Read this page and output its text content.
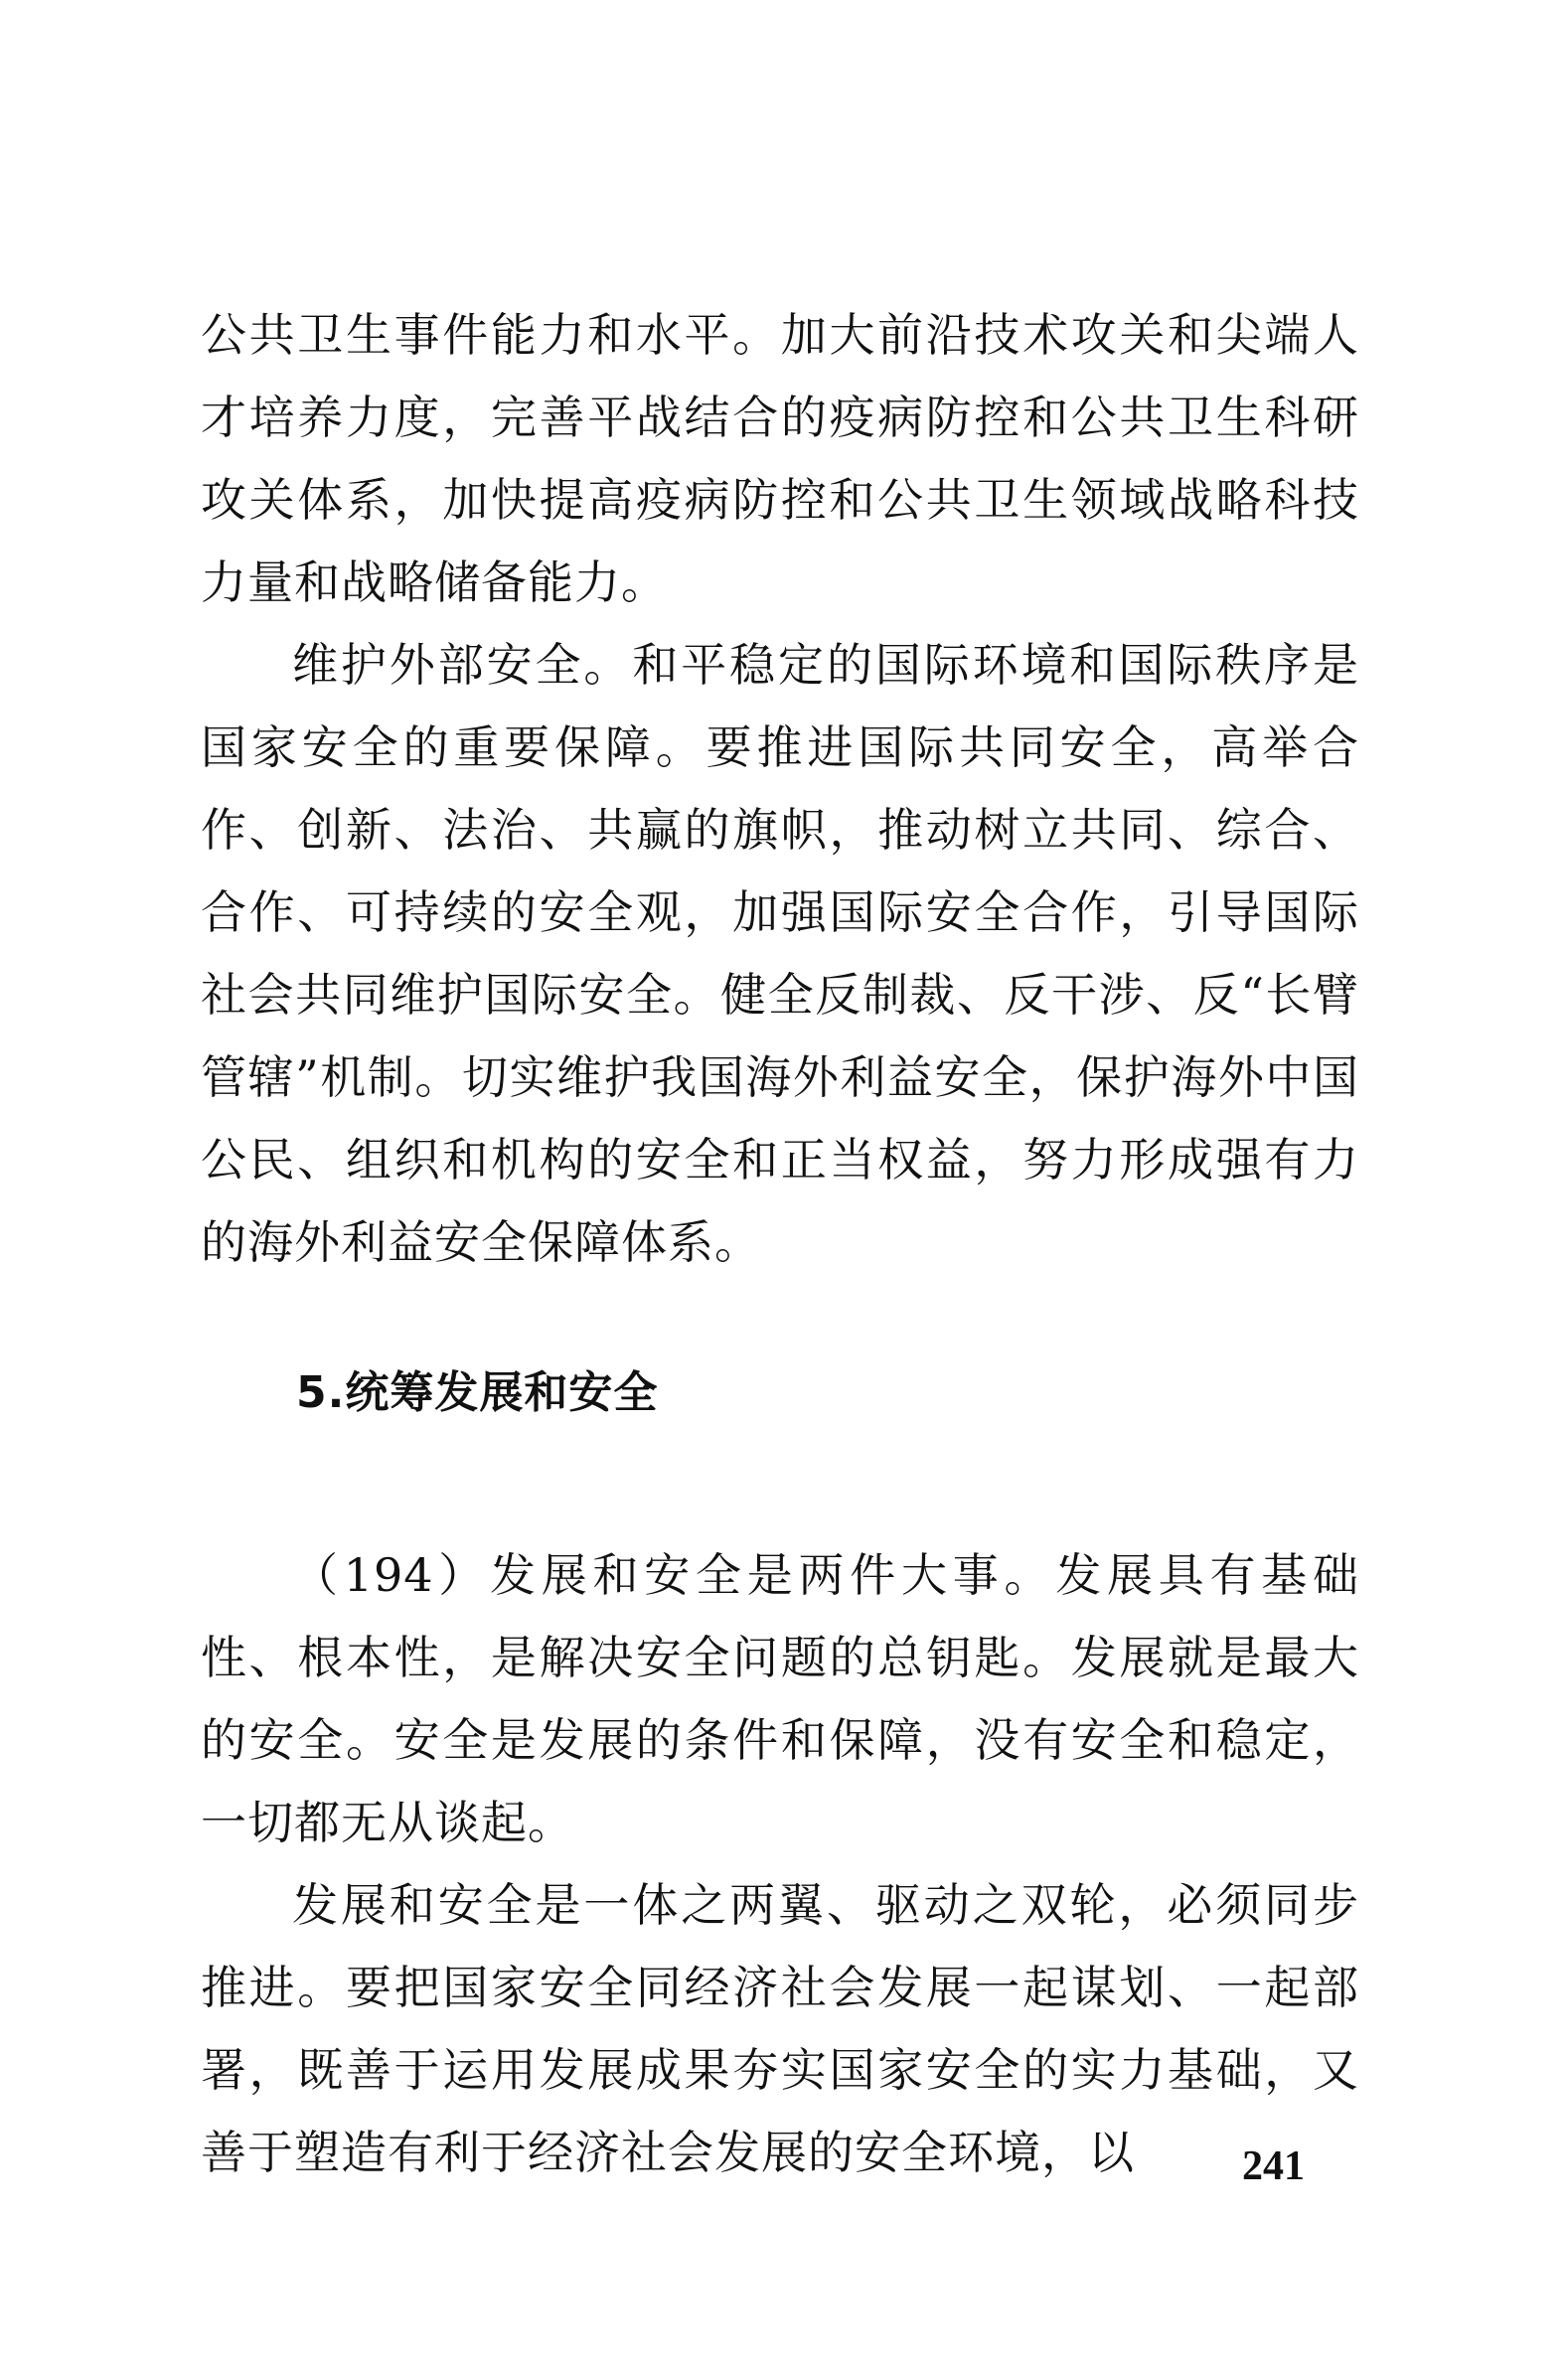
公共卫生事件能力和水平。加大前沿技术攻关和尖端人才培养力度，完善平战结合的疫病防控和公共卫生科研攻关体系，加快提高疫病防控和公共卫生领域战略科技力量和战略储备能力。

维护外部安全。和平稳定的国际环境和国际秩序是国家安全的重要保障。要推进国际共同安全，高举合作、创新、法治、共赢的旗帜，推动树立共同、综合、合作、可持续的安全观，加强国际安全合作，引导国际社会共同维护国际安全。健全反制裁、反干涉、反“长臂管辖”机制。切实维护我国海外利益安全，保护海外中国公民、组织和机构的安全和正当权益，努力形成强有力的海外利益安全保障体系。

5.统筹发展和安全

（194）发展和安全是两件大事。发展具有基础性、根本性，是解决安全问题的总钥匙。发展就是最大的安全。安全是发展的条件和保障，没有安全和稳定，一切都无从谈起。

发展和安全是一体之两翼、驱动之双轮，必须同步推进。要把国家安全同经济社会发展一起谋划、一起部署，既善于运用发展成果夯实国家安全的实力基础，又善于塑造有利于经济社会发展的安全环境，以	241
